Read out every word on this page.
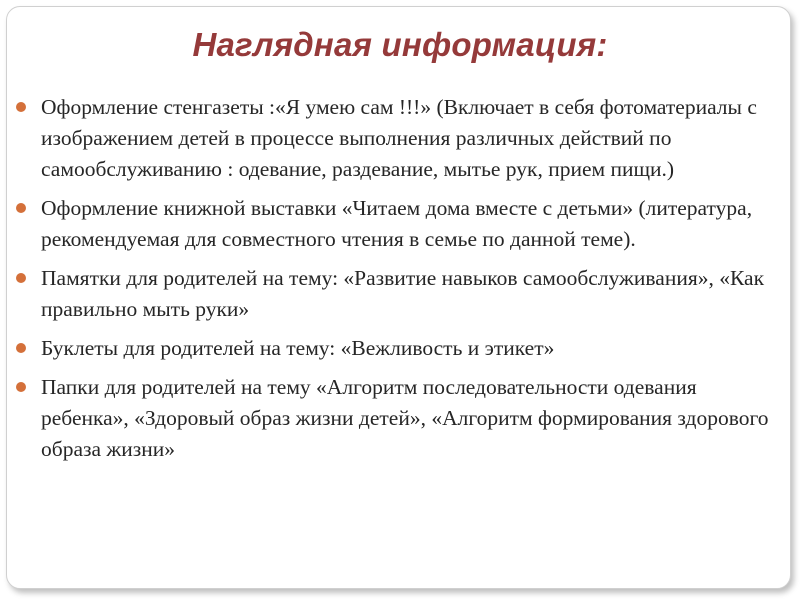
Наглядная информация:
Оформление стенгазеты :«Я умею сам !!!» (Включает в себя фотоматериалы с изображением детей в процессе выполнения различных действий по самообслуживанию : одевание, раздевание, мытье рук, прием пищи.)
Оформление книжной выставки «Читаем дома вместе с детьми» (литература, рекомендуемая для совместного чтения в семье по данной теме).
Памятки для родителей на тему: «Развитие навыков самообслуживания», «Как правильно мыть руки»
Буклеты для родителей на тему: «Вежливость и этикет»
Папки для родителей на тему «Алгоритм последовательности одевания ребенка», «Здоровый образ жизни детей», «Алгоритм формирования здорового образа жизни»
